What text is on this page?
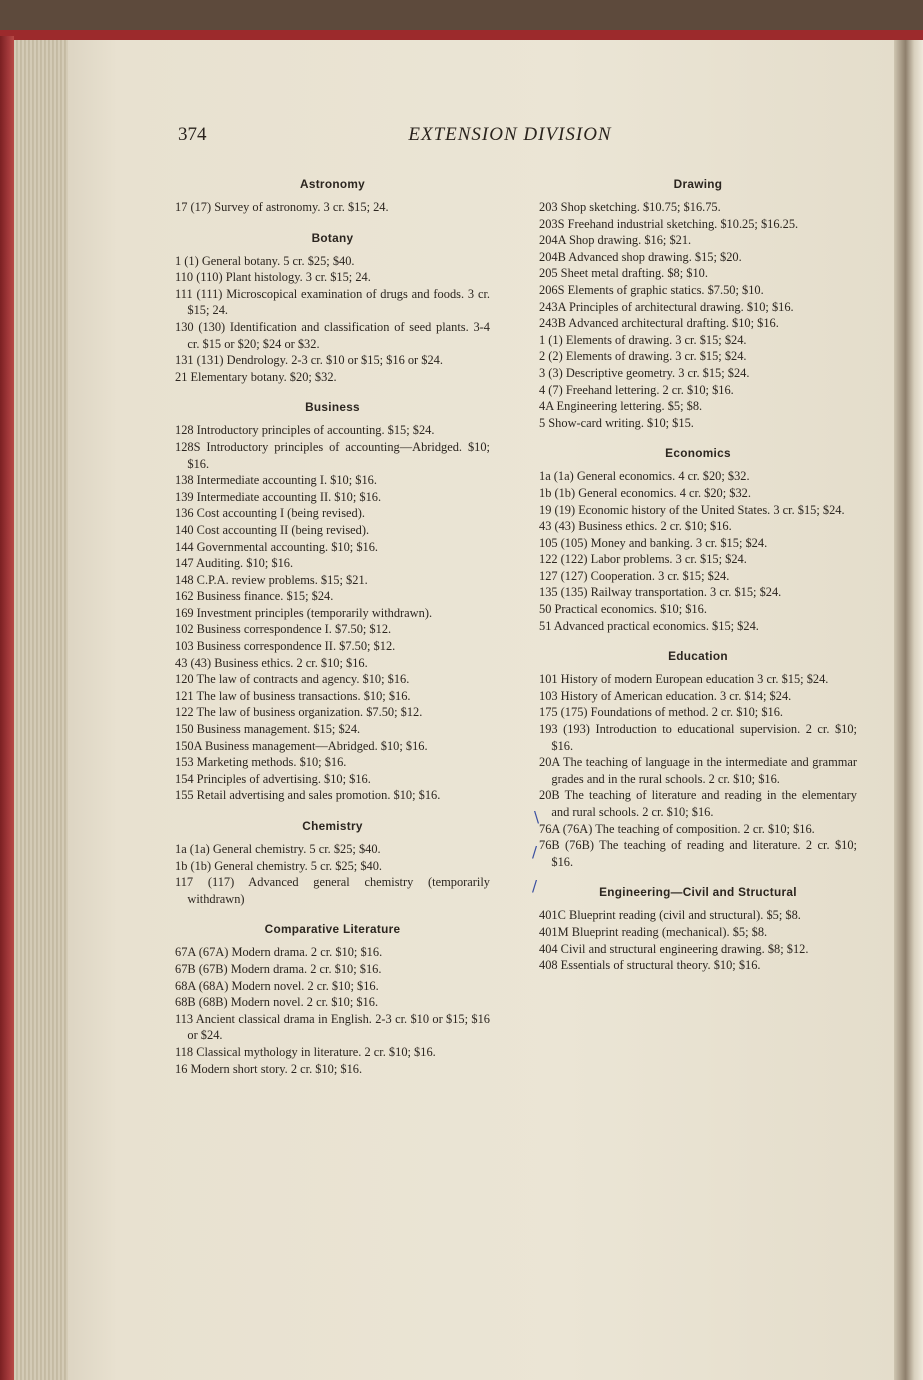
374	EXTENSION DIVISION
Astronomy

17 (17) Survey of astronomy. 3 cr. $15; 24.

Botany

1 (1) General botany. 5 cr. $25; $40.

110 (110) Plant histology. 3 cr. $15; 24.

111 (111) Microscopical examination of drugs and foods. 3 cr. $15; 24.

130 (130) Identification and classification of seed plants. 3-4 cr. $15 or $20; $24 or $32.

131 (131) Dendrology. 2-3 cr. $10 or $15; $16 or $24.

21 Elementary botany. $20; $32.

Business

128 Introductory principles of accounting. $15; $24.

128S Introductory principles of accounting—Abridged. $10; $16.

138 Intermediate accounting I. $10; $16.

139 Intermediate accounting II. $10; $16.

136 Cost accounting I (being revised).

140 Cost accounting II (being revised).

144 Governmental accounting. $10; $16.

147 Auditing. $10; $16.

148 C.P.A. review problems. $15; $21.

162 Business finance. $15; $24.

169 Investment principles (temporarily withdrawn).

102 Business correspondence I. $7.50; $12.

103 Business correspondence II. $7.50; $12.

43 (43) Business ethics. 2 cr. $10; $16.

120 The law of contracts and agency. $10; $16.

121 The law of business transactions. $10; $16.

122 The law of business organization. $7.50; $12.

150 Business management. $15; $24.

150A Business management—Abridged. $10; $16.

153 Marketing methods. $10; $16.

154 Principles of advertising. $10; $16.

155 Retail advertising and sales promotion. $10; $16.

Chemistry

1a (1a) General chemistry. 5 cr. $25; $40.

1b (1b) General chemistry. 5 cr. $25; $40.

117 (117) Advanced general chemistry (temporarily withdrawn)

Comparative Literature

67A (67A) Modern drama. 2 cr. $10; $16.

67B (67B) Modern drama. 2 cr. $10; $16.

68A (68A) Modern novel. 2 cr. $10; $16.

68B (68B) Modern novel. 2 cr. $10; $16.

113 Ancient classical drama in English. 2-3 cr. $10 or $15; $16 or $24.

118 Classical mythology in literature. 2 cr. $10; $16.

16 Modern short story. 2 cr. $10; $16.

Drawing

203 Shop sketching. $10.75; $16.75.

203S Freehand industrial sketching. $10.25; $16.25.

204A Shop drawing. $16; $21.

204B Advanced shop drawing. $15; $20.

205 Sheet metal drafting. $8; $10.

206S Elements of graphic statics. $7.50; $10.

243A Principles of architectural drawing. $10; $16.

243B Advanced architectural drafting. $10; $16.

1 (1) Elements of drawing. 3 cr. $15; $24.

2 (2) Elements of drawing. 3 cr. $15; $24.

3 (3) Descriptive geometry. 3 cr. $15; $24.

4 (7) Freehand lettering. 2 cr. $10; $16.

4A Engineering lettering. $5; $8.

5 Show-card writing. $10; $15.

Economics

1a (1a) General economics. 4 cr. $20; $32.

1b (1b) General economics. 4 cr. $20; $32.

19 (19) Economic history of the United States. 3 cr. $15; $24.

43 (43) Business ethics. 2 cr. $10; $16.

105 (105) Money and banking. 3 cr. $15; $24.

122 (122) Labor problems. 3 cr. $15; $24.

127 (127) Cooperation. 3 cr. $15; $24.

135 (135) Railway transportation. 3 cr. $15; $24.

50 Practical economics. $10; $16.

51 Advanced practical economics. $15; $24.

Education

101 History of modern European education 3 cr. $15; $24.

103 History of American education. 3 cr. $14; $24.

175 (175) Foundations of method. 2 cr. $10; $16.

193 (193) Introduction to educational supervision. 2 cr. $10; $16.

20A The teaching of language in the intermediate and grammar grades and in the rural schools. 2 cr. $10; $16.

20B The teaching of literature and reading in the elementary and rural schools. 2 cr. $10; $16.

76A (76A) The teaching of composition. 2 cr. $10; $16.

76B (76B) The teaching of reading and literature. 2 cr. $10; $16.

Engineering—Civil and Structural

401C Blueprint reading (civil and structural). $5; $8.

401M Blueprint reading (mechanical). $5; $8.

404 Civil and structural engineering drawing. $8; $12.

408 Essentials of structural theory. $10; $16.

\
/
/
